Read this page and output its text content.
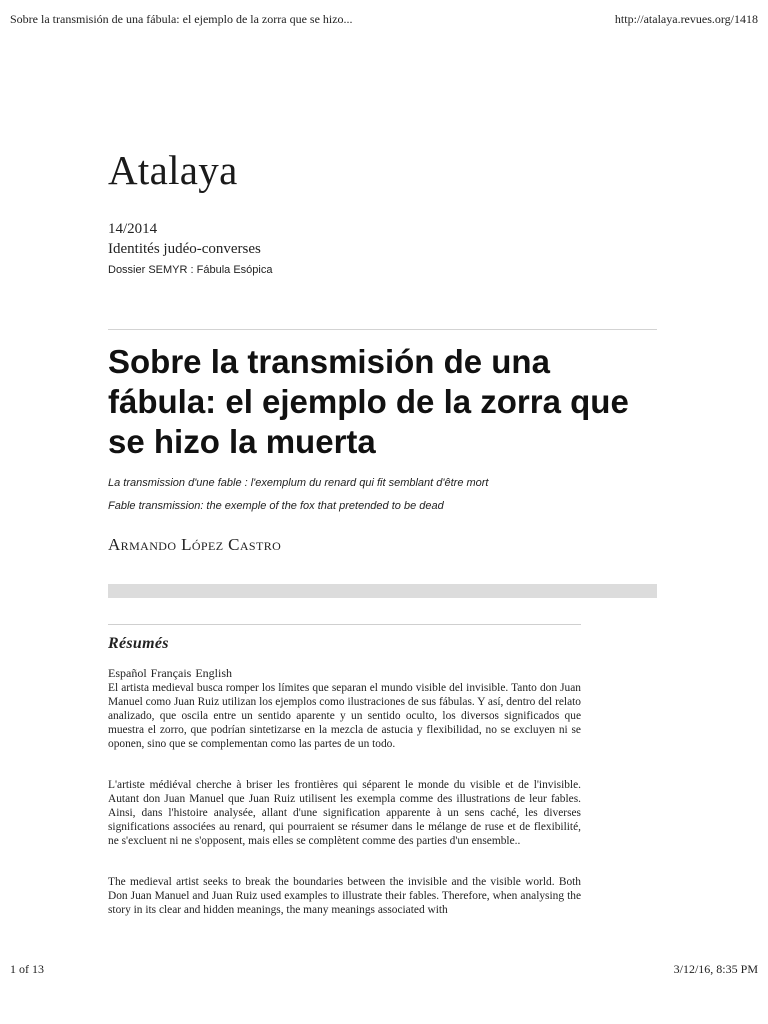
Sobre la transmisión de una fábula: el ejemplo de la zorra que se hizo...	http://atalaya.revues.org/1418
Atalaya
14/2014
Identités judéo-converses
Dossier SEMYR : Fábula Esópica
Sobre la transmisión de una fábula: el ejemplo de la zorra que se hizo la muerta
La transmission d'une fable : l'exemplum du renard qui fit semblant d'être mort
Fable transmission: the exemple of the fox that pretended to be dead
Armando López Castro
Résumés
Español Français English
El artista medieval busca romper los límites que separan el mundo visible del invisible. Tanto don Juan Manuel como Juan Ruiz utilizan los ejemplos como ilustraciones de sus fábulas. Y así, dentro del relato analizado, que oscila entre un sentido aparente y un sentido oculto, los diversos significados que muestra el zorro, que podrían sintetizarse en la mezcla de astucia y flexibilidad, no se excluyen ni se oponen, sino que se complementan como las partes de un todo.
L'artiste médiéval cherche à briser les frontières qui séparent le monde du visible et de l'invisible. Autant don Juan Manuel que Juan Ruiz utilisent les exempla comme des illustrations de leur fables. Ainsi, dans l'histoire analysée, allant d'une signification apparente à un sens caché, les diverses significations associées au renard, qui pourraient se résumer dans le mélange de ruse et de flexibilité, ne s'excluent ni ne s'opposent, mais elles se complètent comme des parties d'un ensemble..
The medieval artist seeks to break the boundaries between the invisible and the visible world. Both Don Juan Manuel and Juan Ruiz used examples to illustrate their fables. Therefore, when analysing the story in its clear and hidden meanings, the many meanings associated with
1 of 13	3/12/16, 8:35 PM
